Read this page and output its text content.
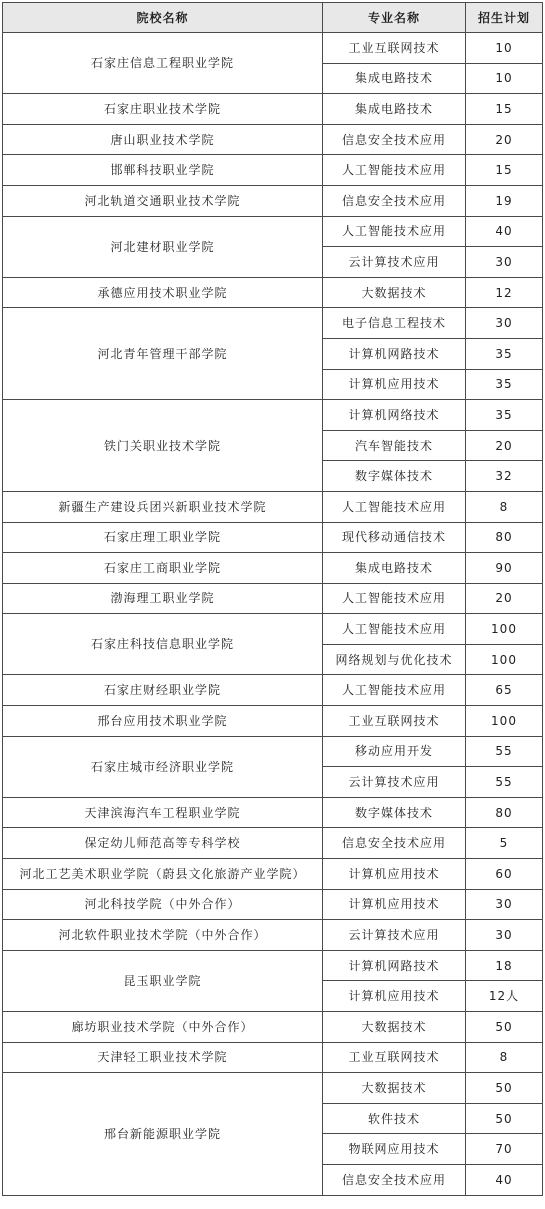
院校名称	专业名称	招生计划
石家庄信息工程职业学院	工业互联网技术	10
	集成电路技术	10
石家庄职业技术学院	集成电路技术	15
唐山职业技术学院	信息安全技术应用	20
邯郸科技职业学院	人工智能技术应用	15
河北轨道交通职业技术学院	信息安全技术应用	19
河北建材职业学院	人工智能技术应用	40
	云计算技术应用	30
承德应用技术职业学院	大数据技术	12
河北青年管理干部学院	电子信息工程技术	30
	计算机网路技术	35
	计算机应用技术	35
铁门关职业技术学院	计算机网络技术	35
	汽车智能技术	20
	数字媒体技术	32
新疆生产建设兵团兴新职业技术学院	人工智能技术应用	8
石家庄理工职业学院	现代移动通信技术	80
石家庄工商职业学院	集成电路技术	90
渤海理工职业学院	人工智能技术应用	20
石家庄科技信息职业学院	人工智能技术应用	100
	网络规划与优化技术	100
石家庄财经职业学院	人工智能技术应用	65
邢台应用技术职业学院	工业互联网技术	100
石家庄城市经济职业学院	移动应用开发	55
	云计算技术应用	55
天津滨海汽车工程职业学院	数字媒体技术	80
保定幼儿师范高等专科学校	信息安全技术应用	5
河北工艺美术职业学院（蔚县文化旅游产业学院）	计算机应用技术	60
河北科技学院（中外合作）	计算机应用技术	30
河北软件职业技术学院（中外合作）	云计算技术应用	30
昆玉职业学院	计算机网路技术	18
	计算机应用技术	12人
廊坊职业技术学院（中外合作）	大数据技术	50
天津轻工职业技术学院	工业互联网技术	8
邢台新能源职业学院	大数据技术	50
	软件技术	50
	物联网应用技术	70
	信息安全技术应用	40
